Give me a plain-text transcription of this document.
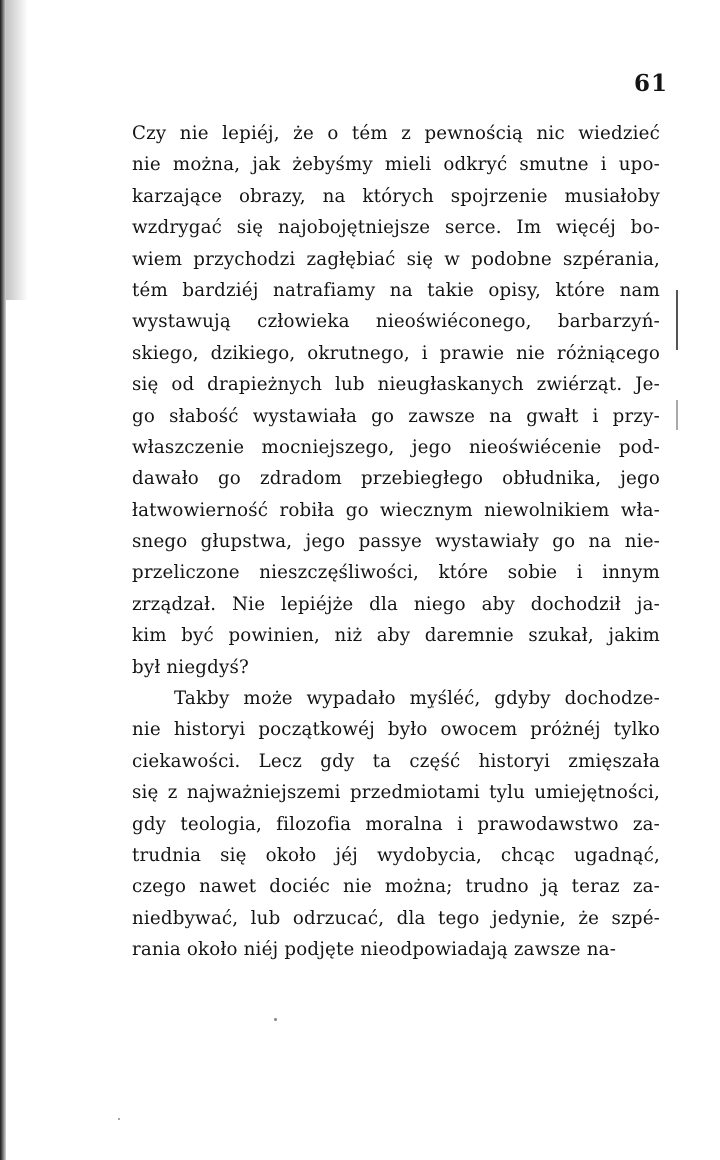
61
Czy nie lepiéj, że o tém z pewnością nic wiedzieć
nie można, jak żebyśmy mieli odkryć smutne i upo-
karzające obrazy, na których spojrzenie musiałoby
wzdrygać się najobojętniejsze serce. Im więcéj bo-
wiem przychodzi zagłębiać się w podobne szpérania,
tém bardziéj natrafiamy na takie opisy, które nam
wystawują człowieka nieoświéconego, barbarzyń-
skiego, dzikiego, okrutnego, i prawie nie różniącego
się od drapieżnych lub nieugłaskanych zwiérząt. Je-
go słabość wystawiała go zawsze na gwałt i przy-
właszczenie mocniejszego, jego nieoświécenie pod-
dawało go zdradom przebiegłego obłudnika, jego
łatwowierność robiła go wiecznym niewolnikiem wła-
snego głupstwa, jego passye wystawiały go na nie-
przeliczone nieszczęśliwości, które sobie i innym
zrządzał. Nie lepiéjże dla niego aby dochodził ja-
kim być powinien, niż aby daremnie szukał, jakim
był niegdyś?
Takby może wypadało myśléć, gdyby dochodze-
nie historyi początkowéj było owocem próżnéj tylko
ciekawości. Lecz gdy ta część historyi zmięszała
się z najważniejszemi przedmiotami tylu umiejętności,
gdy teologia, filozofia moralna i prawodawstwo za-
trudnia się około jéj wydobycia, chcąc ugadnąć,
czego nawet dociéc nie można; trudno ją teraz za-
niedbywać, lub odrzucać, dla tego jedynie, że szpé-
rania około niéj podjęte nieodpowiadają zawsze na-
